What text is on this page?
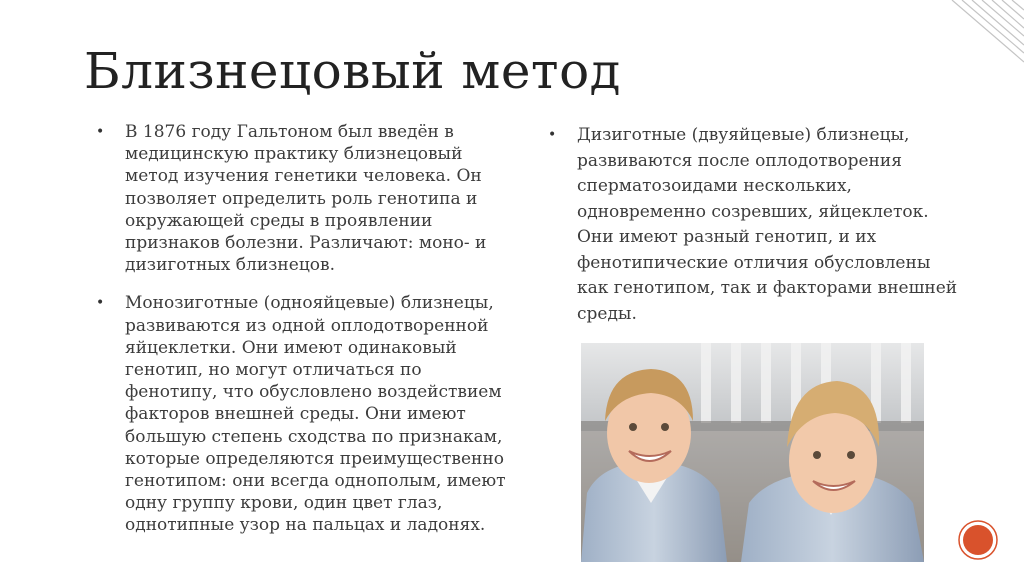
Близнецовый метод
• В 1876 году Гальтоном был введён в медицинскую практику близнецовый метод изучения генетики человека. Он позволяет определить роль генотипа и окружающей среды в проявлении признаков болезни. Различают: моно- и дизиготных близнецов.
• Монозиготные (однояйцевые) близнецы, развиваются из одной оплодотворенной яйцеклетки. Они имеют одинаковый генотип, но могут отличаться по фенотипу, что обусловлено воздействием факторов внешней среды. Они имеют большую степень сходства по признакам, которые определяются преимущественно генотипом: они всегда однополым, имеют одну группу крови, один цвет глаз, однотипные узор на пальцах и ладонях.
• Дизиготные (двуяйцевые) близнецы, развиваются после оплодотворения сперматозоидами нескольких, одновременно созревших, яйцеклеток. Они имеют разный генотип, и их фенотипические отличия обусловлены как генотипом, так и факторами внешней среды.
